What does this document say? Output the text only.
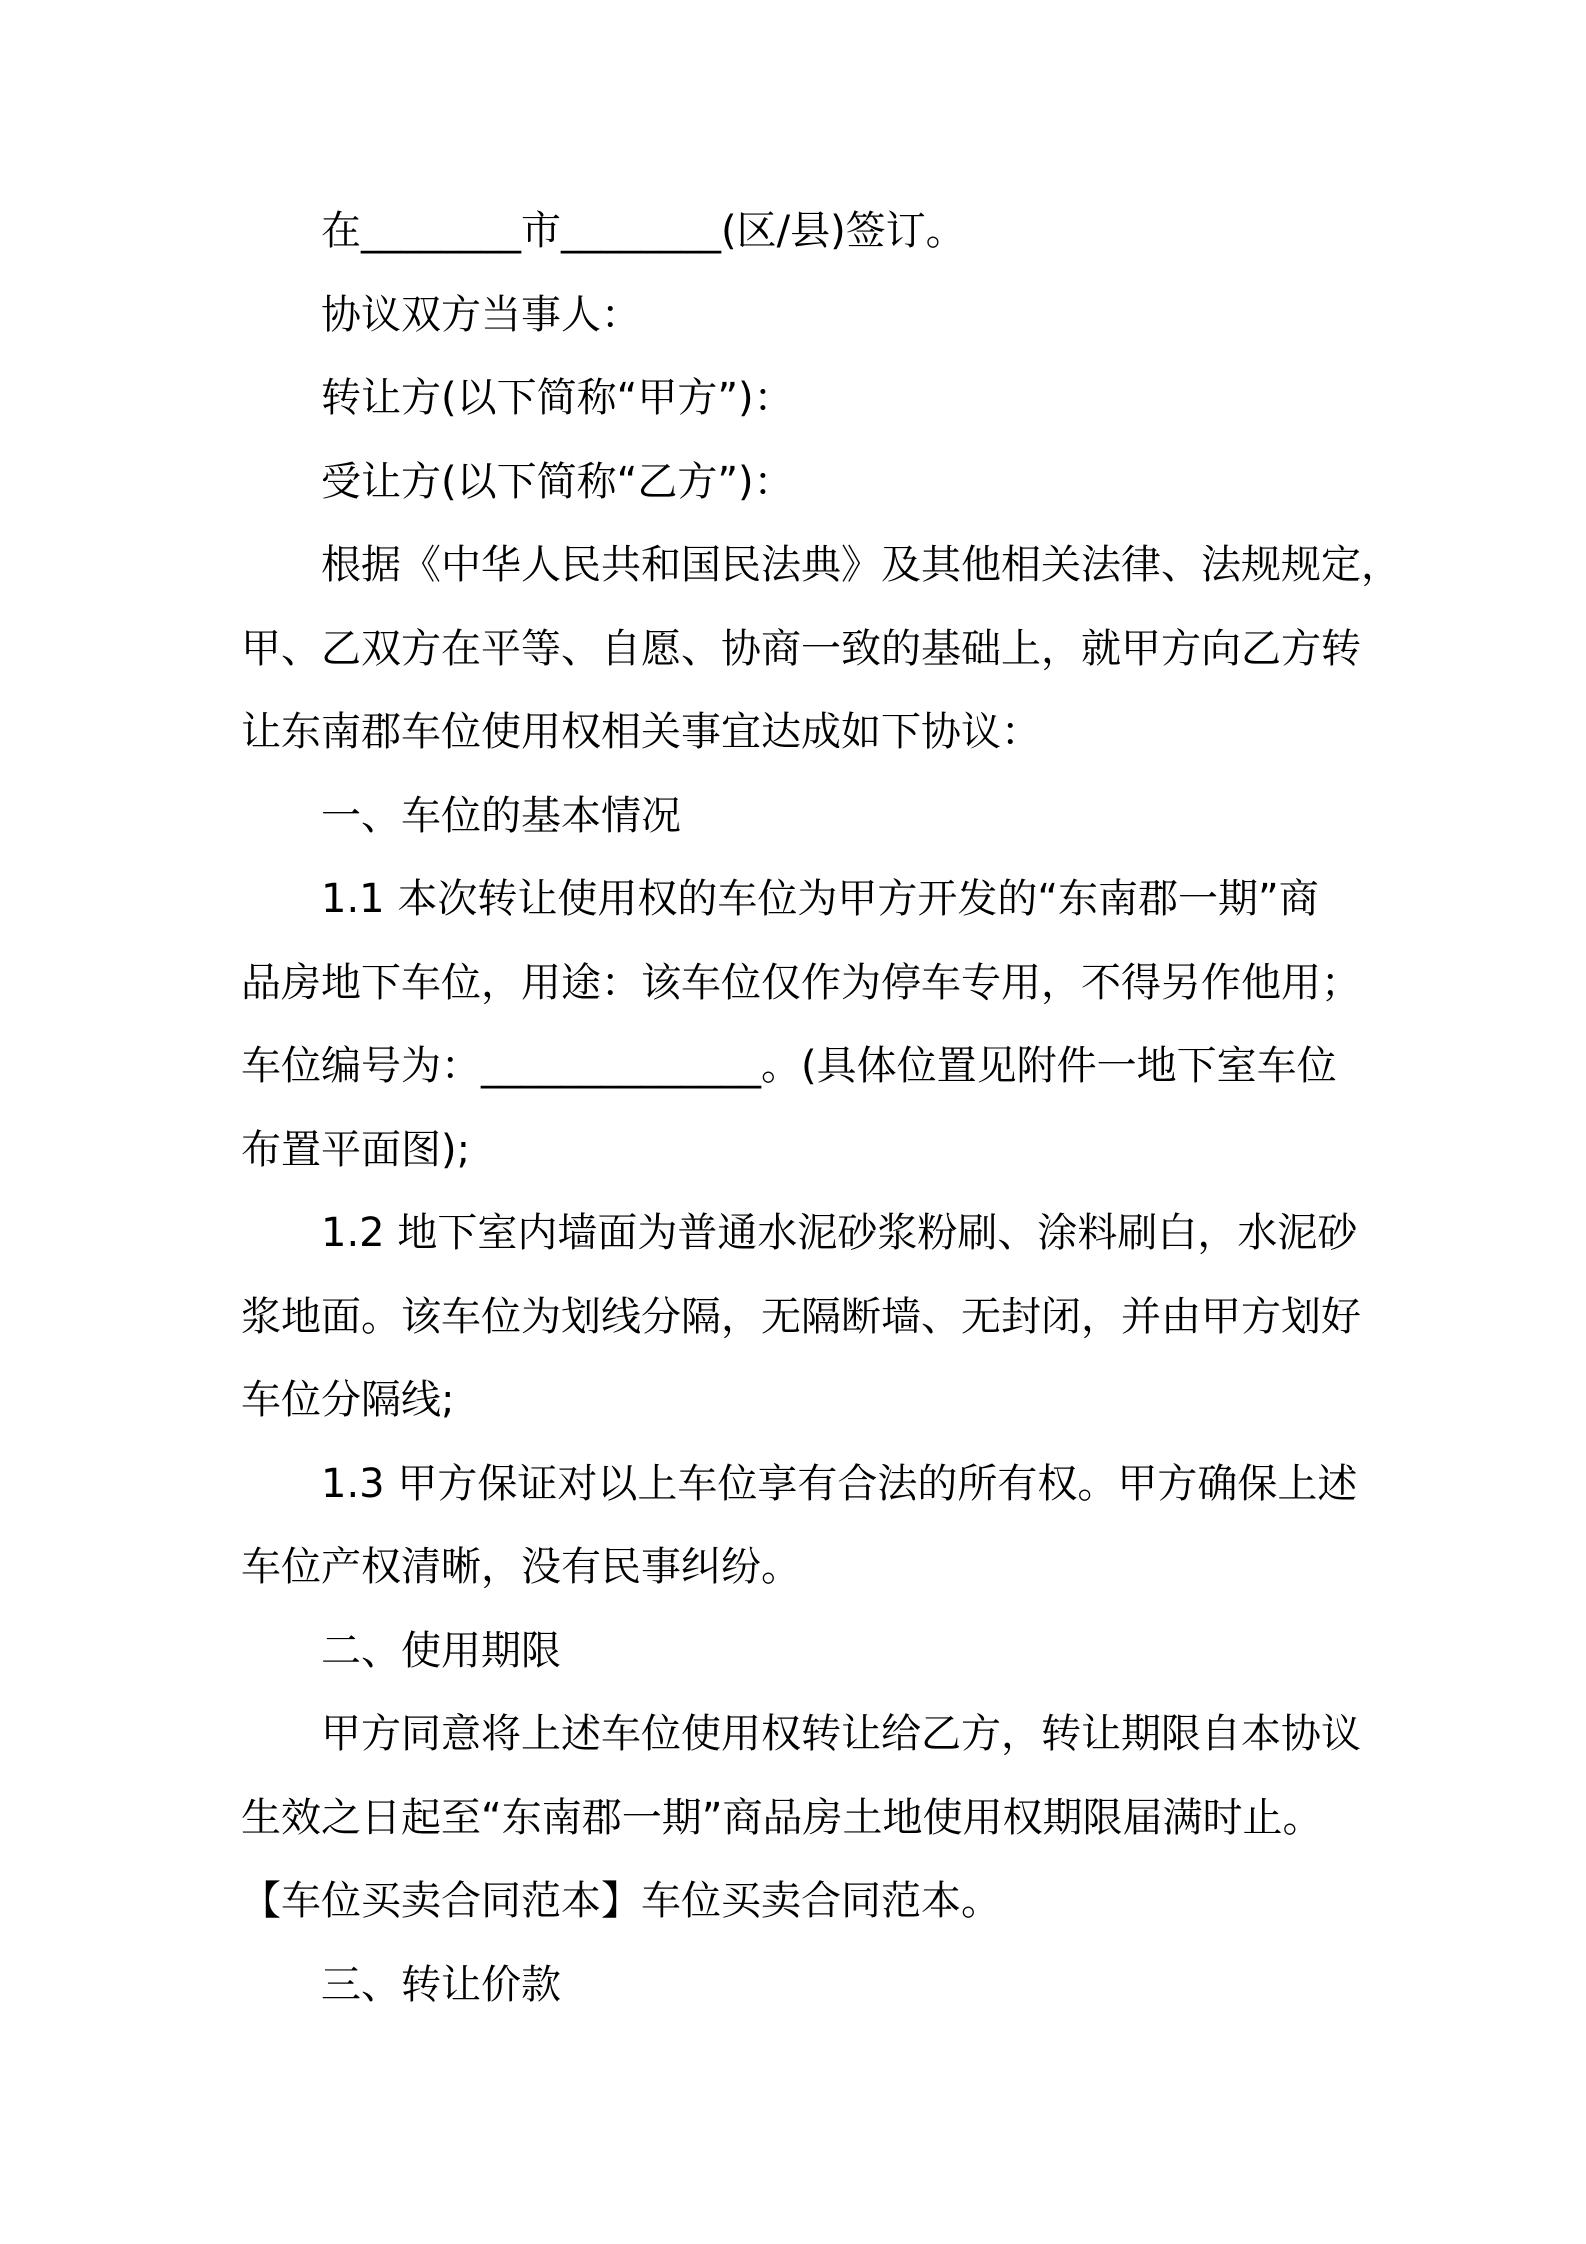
在________市________(区/县)签订。
协议双方当事人：
转让方(以下简称“甲方”)：
受让方(以下简称“乙方”)：
根据《中华人民共和国民法典》及其他相关法律、法规规定，
甲、乙双方在平等、自愿、协商一致的基础上，就甲方向乙方转
让东南郡车位使用权相关事宜达成如下协议：
一、车位的基本情况
1.1 本次转让使用权的车位为甲方开发的“东南郡一期”商
品房地下车位，用途：该车位仅作为停车专用，不得另作他用；
车位编号为：______________。(具体位置见附件一地下室车位
布置平面图);
1.2 地下室内墙面为普通水泥砂浆粉刷、涂料刷白，水泥砂
浆地面。该车位为划线分隔，无隔断墙、无封闭，并由甲方划好
车位分隔线;
1.3 甲方保证对以上车位享有合法的所有权。甲方确保上述
车位产权清晰，没有民事纠纷。
二、使用期限
甲方同意将上述车位使用权转让给乙方，转让期限自本协议
生效之日起至“东南郡一期”商品房土地使用权期限届满时止。
【车位买卖合同范本】车位买卖合同范本。
三、转让价款
